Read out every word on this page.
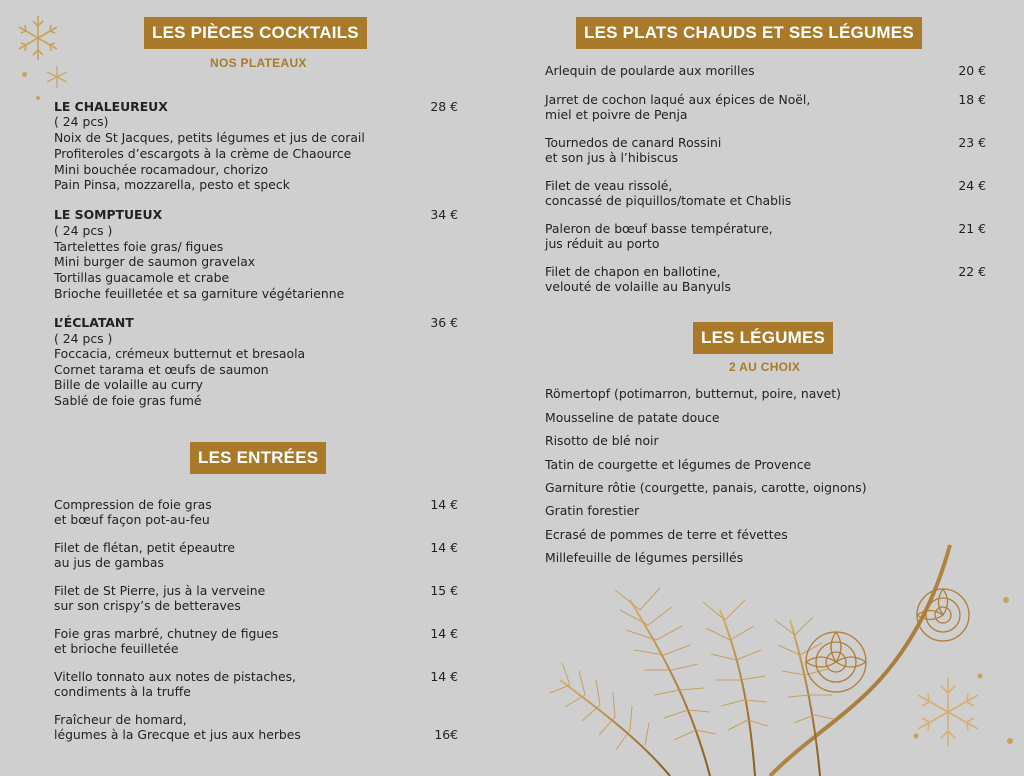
LES PIÈCES COCKTAILS
NOS PLATEAUX
LE CHALEUREUX	28 €
( 24 pcs)
Noix de St Jacques, petits légumes et jus de corail
Profiteroles d’escargots à la crème de Chaource
Mini bouchée rocamadour, chorizo
Pain Pinsa, mozzarella, pesto et speck
LE SOMPTUEUX	34 €
( 24 pcs )
Tartelettes foie gras/ figues
Mini burger de saumon gravelax
Tortillas guacamole et crabe
Brioche feuilletée et sa garniture végétarienne
L’ÉCLATANT	36 €
( 24 pcs )
Foccacia, crémeux butternut et bresaola
Cornet tarama et œufs de saumon
Bille de volaille au curry
Sablé de foie gras fumé
LES ENTRÉES
Compression de foie gras
et bœuf façon pot-au-feu
14 €
Filet de flétan, petit épeautre
au jus de gambas
14 €
Filet de St Pierre, jus à la verveine
sur son crispy’s de betteraves
15 €
Foie gras marbré, chutney de figues
et brioche feuilletée
14 €
Vitello tonnato aux notes de pistaches,
condiments à la truffe
14 €
Fraîcheur de homard,
légumes à la Grecque et jus aux herbes	16€
LES PLATS CHAUDS ET SES LÉGUMES
Arlequin de poularde aux morilles	20 €
Jarret de cochon laqué aux épices de Noël,
miel et poivre de Penja
18 €
Tournedos de canard Rossini
et son jus à l’hibiscus
23 €
Filet de veau rissolé,
concassé de piquillos/tomate et Chablis
24 €
Paleron de bœuf basse température,
jus réduit au porto
21 €
Filet de chapon en ballotine,
velouté de volaille au Banyuls
22 €
LES LÉGUMES
2 AU CHOIX
Römertopf (potimarron, butternut, poire, navet)
Mousseline de patate douce
Risotto de blé noir
Tatin de courgette et légumes de Provence
Garniture rôtie (courgette, panais, carotte, oignons)
Gratin forestier
Ecrasé de pommes de terre et févettes
Millefeuille de légumes persillés
